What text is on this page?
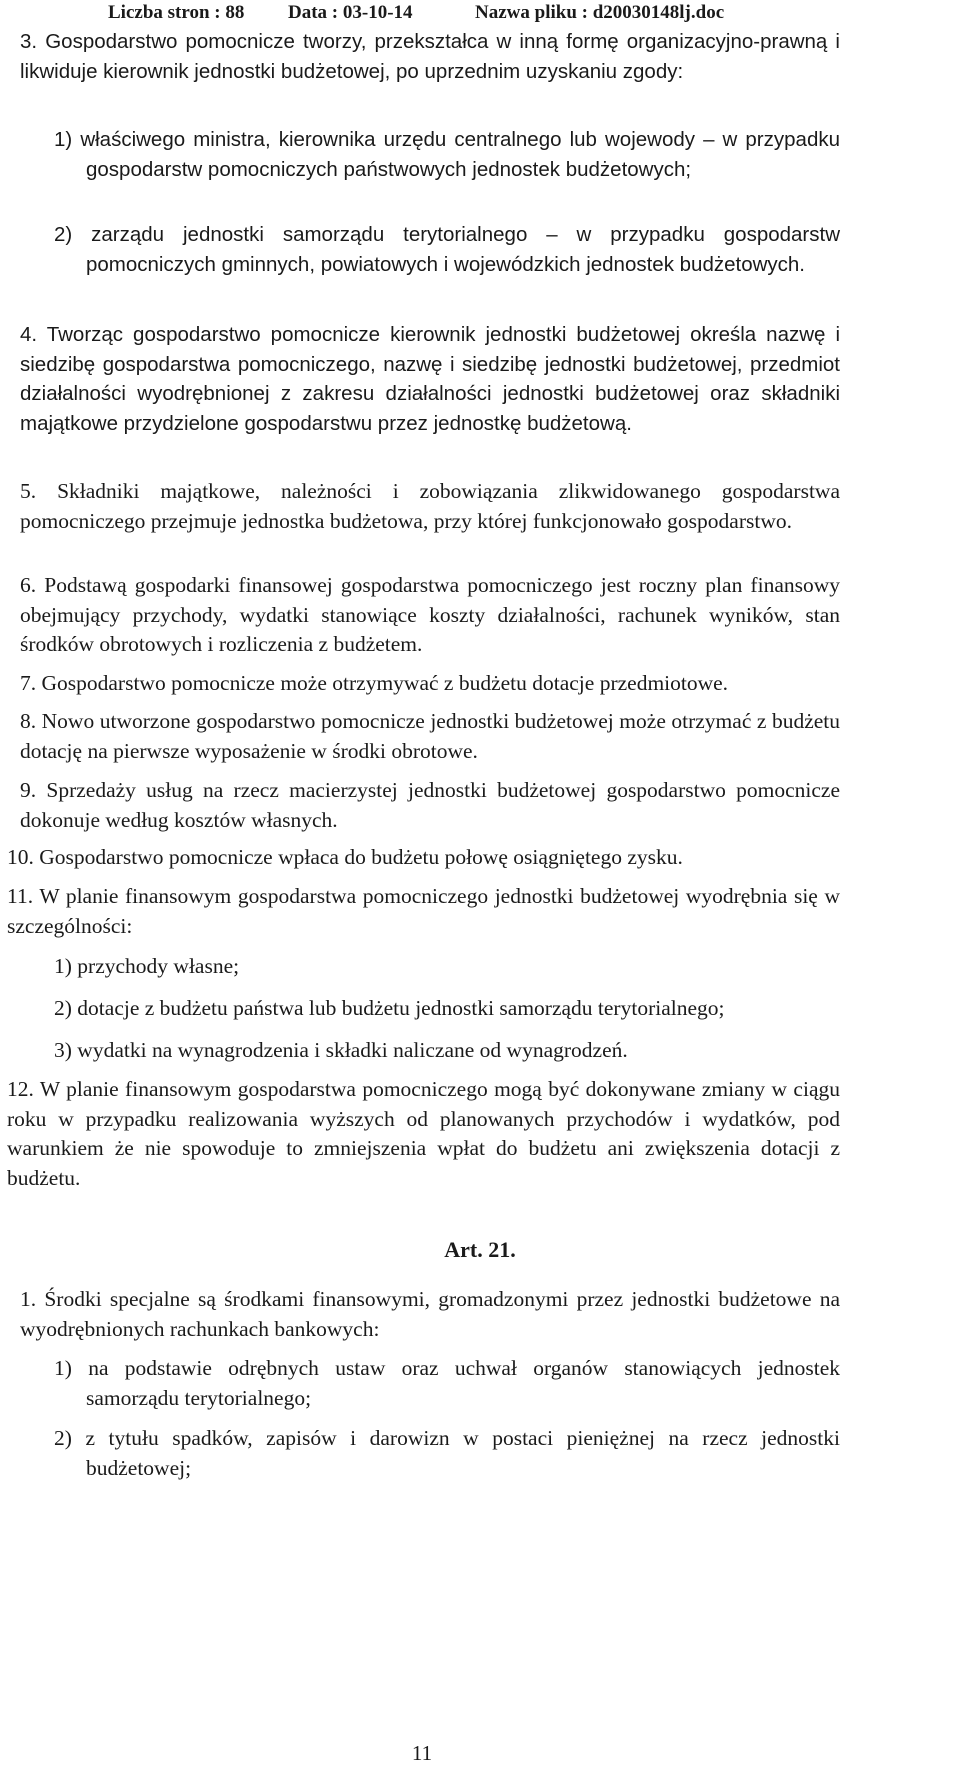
Liczba stron : 88 Data : 03-10-14	Nazwa pliku : d20030148lj.doc

3. Gospodarstwo pomocnicze tworzy, przekształca w inną formę organizacyjno-prawną i likwiduje kierownik jednostki budżetowej, po uprzednim uzyskaniu zgody:

1) właściwego ministra, kierownika urzędu centralnego lub wojewody – w przypadku gospodarstw pomocniczych państwowych jednostek budżetowych;

2) zarządu jednostki samorządu terytorialnego – w przypadku gospodarstw pomocniczych gminnych, powiatowych i wojewódzkich jednostek budżetowych.

4. Tworząc gospodarstwo pomocnicze kierownik jednostki budżetowej określa nazwę i siedzibę gospodarstwa pomocniczego, nazwę i siedzibę jednostki budżetowej, przedmiot działalności wyodrębnionej z zakresu działalności jednostki budżetowej oraz składniki majątkowe przydzielone gospodarstwu przez jednostkę budżetową.

5. Składniki majątkowe, należności i zobowiązania zlikwidowanego gospodarstwa pomocniczego przejmuje jednostka budżetowa, przy której funkcjonowało gospodarstwo.

6. Podstawą gospodarki finansowej gospodarstwa pomocniczego jest roczny plan finansowy obejmujący przychody, wydatki stanowiące koszty działalności, rachunek wyników, stan środków obrotowych i rozliczenia z budżetem.

7. Gospodarstwo pomocnicze może otrzymywać z budżetu dotacje przedmiotowe.

8. Nowo utworzone gospodarstwo pomocnicze jednostki budżetowej może otrzymać z budżetu dotację na pierwsze wyposażenie w środki obrotowe.

9. Sprzedaży usług na rzecz macierzystej jednostki budżetowej gospodarstwo pomocnicze dokonuje według kosztów własnych.

10. Gospodarstwo pomocnicze wpłaca do budżetu połowę osiągniętego zysku.

11. W planie finansowym gospodarstwa pomocniczego jednostki budżetowej wyodrębnia się w szczególności:

1) przychody własne;

2) dotacje z budżetu państwa lub budżetu jednostki samorządu terytorialnego;

3) wydatki na wynagrodzenia i składki naliczane od wynagrodzeń.

12. W planie finansowym gospodarstwa pomocniczego mogą być dokonywane zmiany w ciągu roku w przypadku realizowania wyższych od planowanych przychodów i wydatków, pod warunkiem że nie spowoduje to zmniejszenia wpłat do budżetu ani zwiększenia dotacji z budżetu.

Art. 21.

1. Środki specjalne są środkami finansowymi, gromadzonymi przez jednostki budżetowe na wyodrębnionych rachunkach bankowych:

1) na podstawie odrębnych ustaw oraz uchwał organów stanowiących jednostek samorządu terytorialnego;

2) z tytułu spadków, zapisów i darowizn w postaci pieniężnej na rzecz jednostki budżetowej;

11
